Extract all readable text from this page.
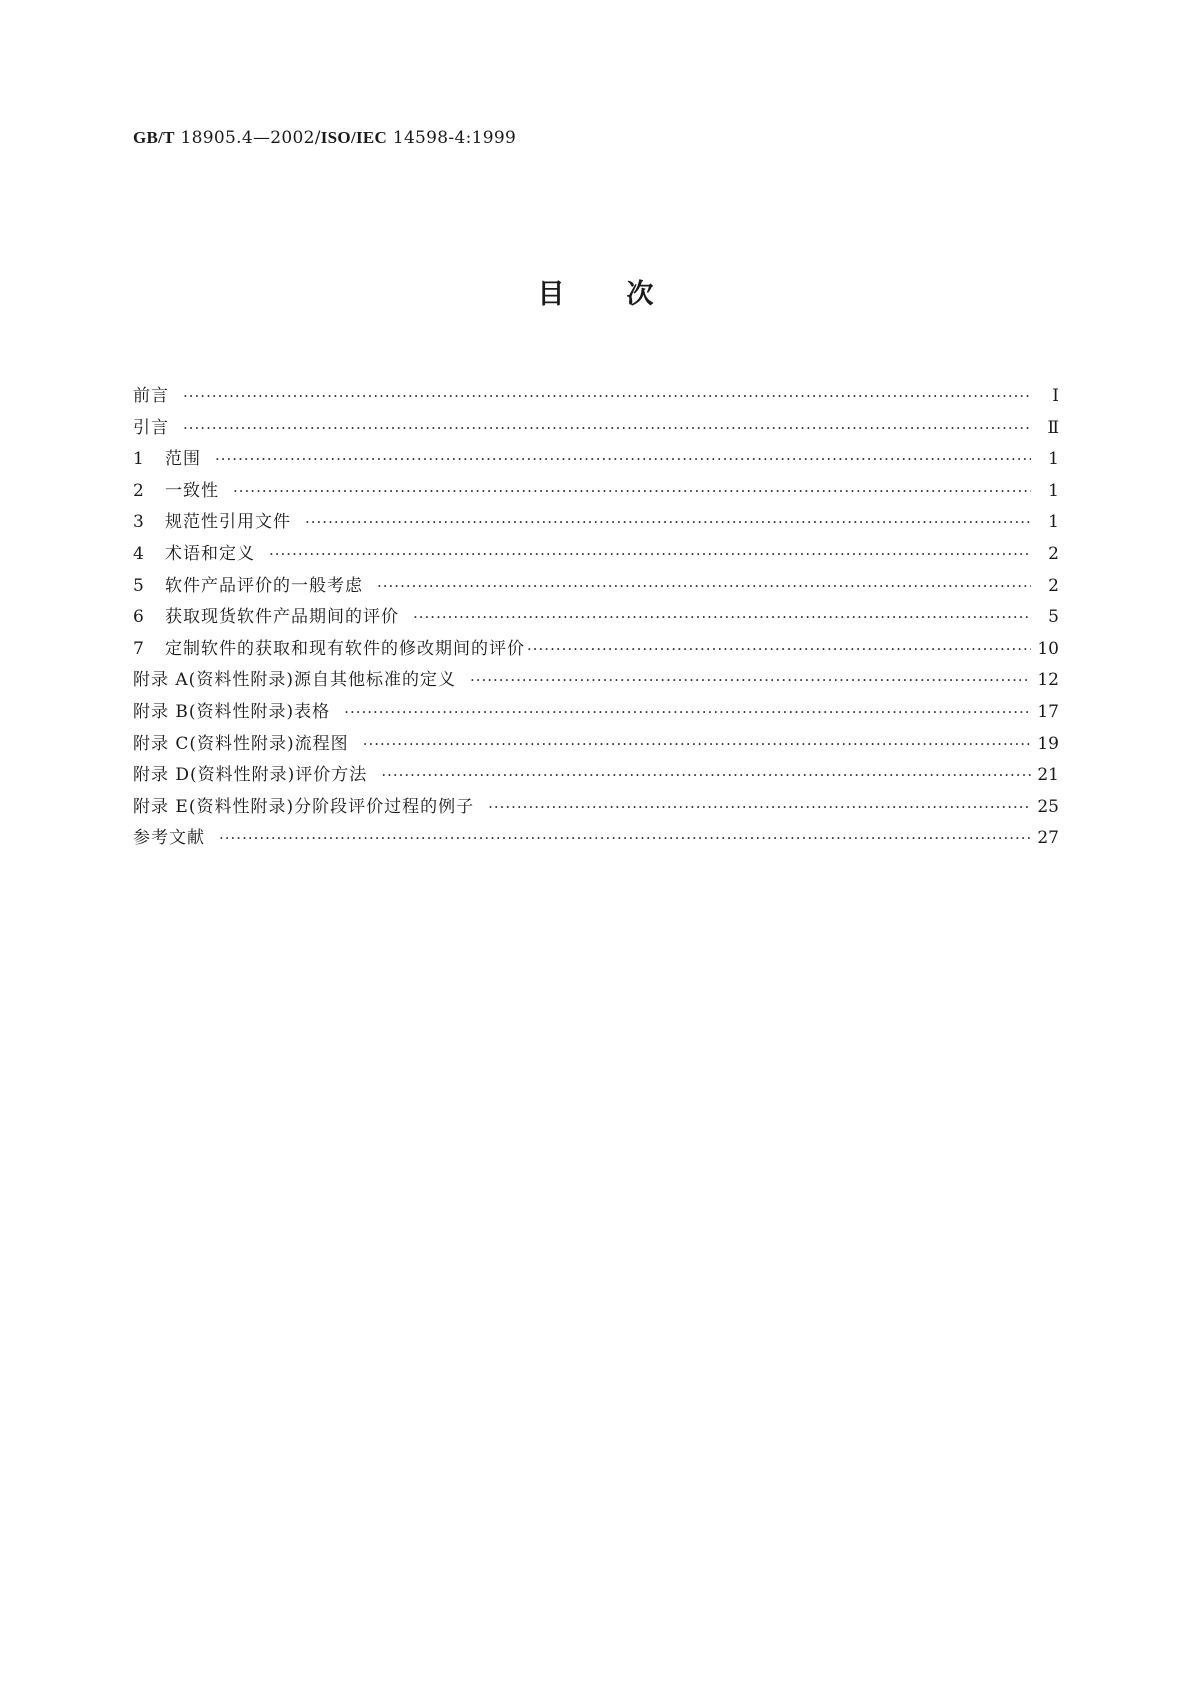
GB/T 18905.4—2002/ISO/IEC 14598-4:1999
目次
前言 ·····	Ⅰ
引言 ·····	Ⅱ
1	范围 ·····	1
2	一致性 ·····	1
3	规范性引用文件 ·····	1
4	术语和定义 ·····	2
5	软件产品评价的一般考虑 ·····	2
6	获取现货软件产品期间的评价 ·····	5
7	定制软件的获取和现有软件的修改期间的评价 ·····	10
附录 A(资料性附录)源自其他标准的定义 ·····	12
附录 B(资料性附录)表格 ·····	17
附录 C(资料性附录)流程图 ·····	19
附录 D(资料性附录)评价方法 ·····	21
附录 E(资料性附录)分阶段评价过程的例子 ·····	25
参考文献 ·····	27
